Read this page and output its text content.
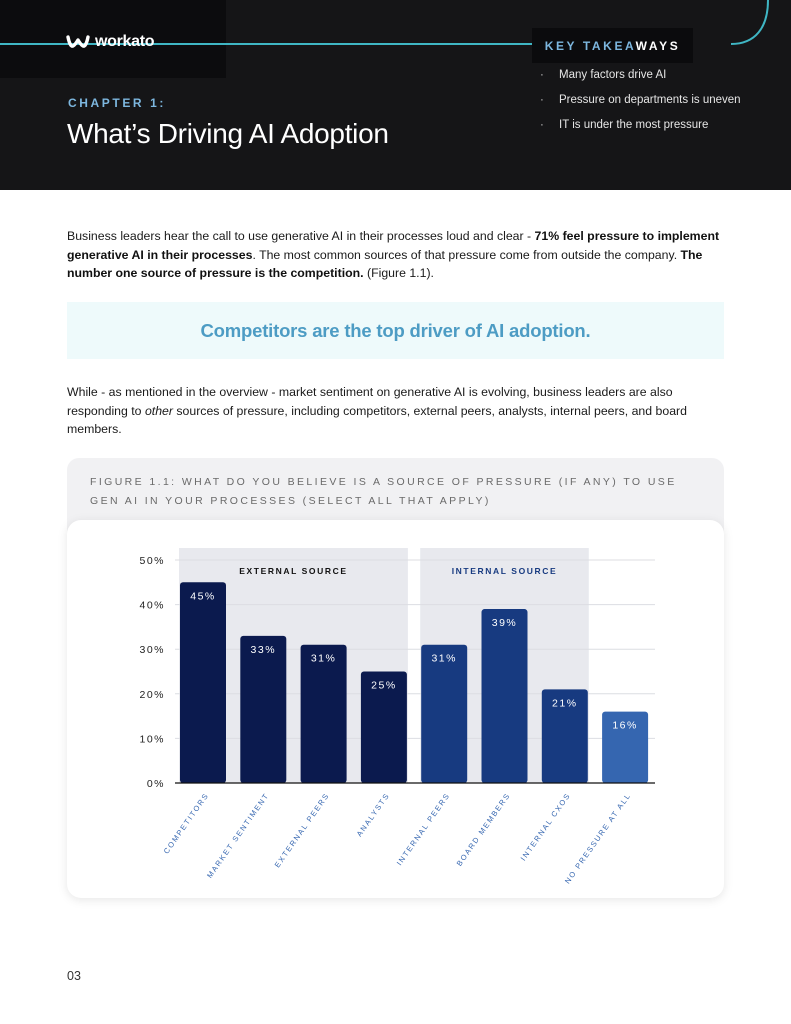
workato
CHAPTER 1:
What’s Driving AI Adoption
KEY TAKEAWAYS
· Many factors drive AI
· Pressure on departments is uneven
· IT is under the most pressure

Business leaders hear the call to use generative AI in their processes loud and clear - 71% feel pressure to implement generative AI in their processes. The most common sources of that pressure come from outside the company. The number one source of pressure is the competition. (Figure 1.1).

Competitors are the top driver of AI adoption.

While - as mentioned in the overview - market sentiment on generative AI is evolving, business leaders are also responding to other sources of pressure, including competitors, external peers, analysts, internal peers, and board members.

FIGURE 1.1: WHAT DO YOU BELIEVE IS A SOURCE OF PRESSURE (IF ANY) TO USE GEN AI IN YOUR PROCESSES (SELECT ALL THAT APPLY)
0%
10%
20%
30%
40%
50%
EXTERNAL SOURCE	INTERNAL SOURCE
45%
COMPETITORS
33%
MARKET SENTIMENT
31%
EXTERNAL PEERS
25%
ANALYSTS
31%
INTERNAL PEERS
39%
BOARD MEMBERS
21%
INTERNAL CXOS
16%
NO PRESSURE AT ALL
03
